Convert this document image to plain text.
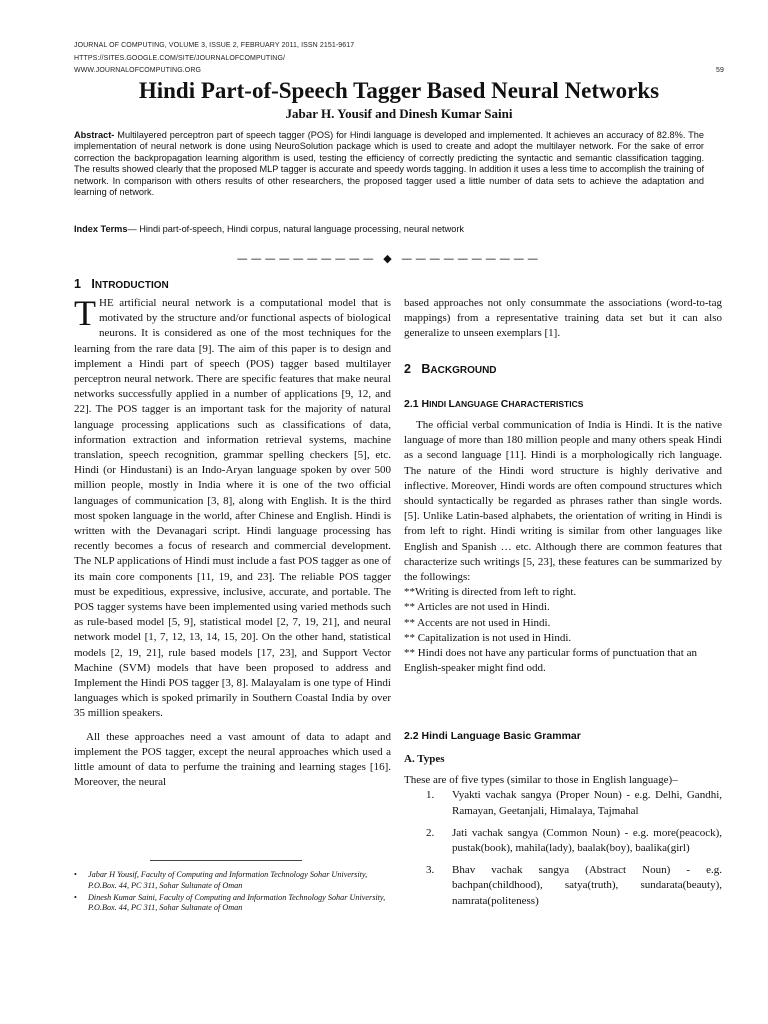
JOURNAL OF COMPUTING, VOLUME 3, ISSUE 2, FEBRUARY 2011, ISSN 2151-9617
HTTPS://SITES.GOOGLE.COM/SITE/JOURNALOFCOMPUTING/
WWW.JOURNALOFCOMPUTING.ORG	59
Hindi Part-of-Speech Tagger Based Neural Networks
Jabar H. Yousif and Dinesh Kumar Saini
Abstract- Multilayered perceptron part of speech tagger (POS) for Hindi language is developed and implemented. It achieves an accuracy of 82.8%. The implementation of neural network is done using NeuroSolution package which is used to create and adopt the multilayer network. For the sake of error correction the backpropagation learning algorithm is used, testing the efficiency of correctly predicting the syntactic and semantic classification tagging. The results showed clearly that the proposed MLP tagger is accurate and speedy words tagging. In addition it uses a less time to accomplish the training of network. In comparison with others results of other researchers, the proposed tagger used a little number of data sets to achieve the adaptation and learning of network.
Index Terms— Hindi part-of-speech, Hindi corpus, natural language processing, neural network
—————————— ◆ ——————————
1 INTRODUCTION

THE artificial neural network is a computational model that is motivated by the structure and/or functional aspects of biological neurons. It is considered as one of the most techniques for the learning from the rare data [9]. The aim of this paper is to design and implement a Hindi part of speech (POS) tagger based multilayer perceptron neural network. There are specific features that make neural networks successfully applied in a number of applications [9, 12, and 22]. The POS tagger is an important task for the majority of natural language processing applications such as classifications of data, information extraction and information retrieval systems, machine translation, speech recognition, grammar spelling checkers [5], etc. Hindi (or Hindustani) is an Indo-Aryan language spoken by over 500 million people, mostly in India where it is one of the two official languages of communication [3, 8], along with English. It is the third most spoken language in the world, after Chinese and English. Hindi is written with the Devanagari script. Hindi language processing has recently becomes a focus of research and commercial development. The NLP applications of Hindi must include a fast POS tagger as one of its main core components [11, 19, and 23]. The reliable POS tagger must be expeditious, expressive, inclusive, accurate, and portable. The POS tagger systems have been implemented using varied methods such as rule-based model [5, 9], statistical model [2, 7, 19, 21], and neural network model [1, 7, 12, 13, 14, 15, 20]. On the other hand, statistical models [2, 19, 21], rule based models [17, 23], and Support Vector Machine (SVM) models that have been proposed to address and Implement the Hindi POS tagger [3, 8]. Malayalam is one type of Hindi languages which is spoked primarily in Southern Coastal India by over 35 million speakers.

All these approaches need a vast amount of data to adapt and implement the POS tagger, except the neural approaches which used a little amount of data to perfume the training and learning stages [16]. Moreover, the neural

• Jabar H Yousif, Faculty of Computing and Information Technology Sohar University, P.O.Box. 44, PC 311, Sohar Sultanate of Oman
• Dinesh Kumar Saini, Faculty of Computing and Information Technology Sohar University, P.O.Box. 44, PC 311, Sohar Sultanate of Oman

based approaches not only consummate the associations (word-to-tag mappings) from a representative training data set but it can also generalize to unseen exemplars [1].

2 BACKGROUND
2.1 HINDI LANGUAGE CHARACTERISTICS

The official verbal communication of India is Hindi. It is the native language of more than 180 million people and many others speak Hindi as a second language [11]. Hindi is a morphologically rich language. The nature of the Hindi word structure is highly derivative and inflective. Moreover, Hindi words are often compound structures which should syntactically be regarded as phrases rather than single words. [5]. Unlike Latin-based alphabets, the orientation of writing in Hindi is from left to right. Hindi writing is similar from other languages like English and Spanish … etc. Although there are common features that characterize such writings [5, 23], these features can be summarized by the followings:

**Writing is directed from left to right.
** Articles are not used in Hindi.
** Accents are not used in Hindi.
** Capitalization is not used in Hindi.
** Hindi does not have any particular forms of punctuation that an English-speaker might find odd.
2.2 Hindi Language Basic Grammar
A. Types

These are of five types (similar to those in English language)–

1. Vyakti vachak sangya (Proper Noun) - e.g. Delhi, Gandhi, Ramayan, Geetanjali, Himalaya, Tajmahal
2. Jati vachak sangya (Common Noun) - e.g. more(peacock), pustak(book), mahila(lady), baalak(boy), baalika(girl)
3. Bhav vachak sangya (Abstract Noun) - e.g. bachpan(childhood), satya(truth), sundarata(beauty), namrata(politeness)
